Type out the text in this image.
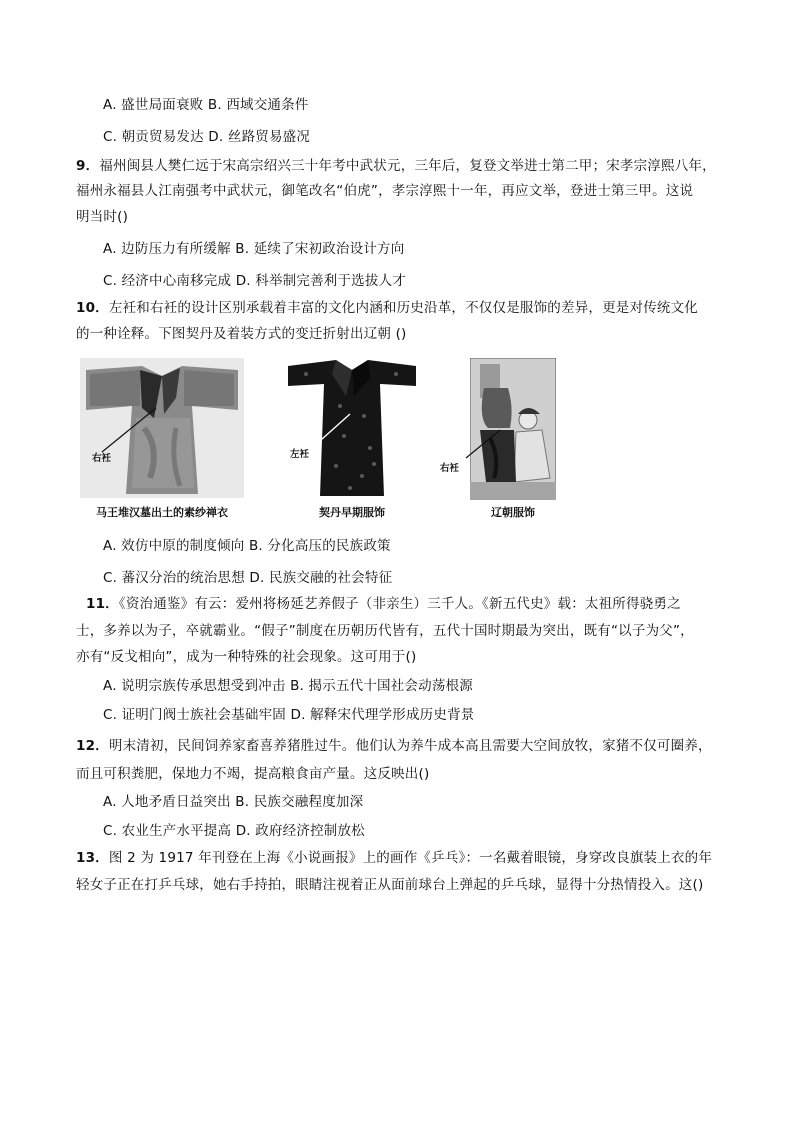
A. 盛世局面衰败 B. 西域交通条件
C. 朝贡贸易发达 D. 丝路贸易盛况
9．福州闽县人樊仁远于宋高宗绍兴三十年考中武状元，三年后，复登文举进士第二甲；宋孝宗淳熙八年，
福州永福县人江南强考中武状元，御笔改名“伯虎”，孝宗淳熙十一年，再应文举，登进士第三甲。这说
明当时()
A. 边防压力有所缓解 B. 延续了宋初政治设计方向
C. 经济中心南移完成 D. 科举制完善利于选拔人才
10．左衽和右衽的设计区别承载着丰富的文化内涵和历史沿革，不仅仅是服饰的差异，更是对传统文化
的一种诠释。下图契丹及着装方式的变迁折射出辽朝 ()
右衽
马王堆汉墓出土的素纱禅衣
左衽
契丹早期服饰
右衽
辽朝服饰
A. 效仿中原的制度倾向 B. 分化高压的民族政策
C. 蕃汉分治的统治思想 D. 民族交融的社会特征
11．《资治通鉴》有云：爱州将杨延艺养假子（非亲生）三千人。《新五代史》载：太祖所得骁勇之
士，多养以为子，卒就霸业。“假子”制度在历朝历代皆有，五代十国时期最为突出，既有“以子为父”，
亦有“反戈相向”，成为一种特殊的社会现象。这可用于()
A. 说明宗族传承思想受到冲击 B. 揭示五代十国社会动荡根源
C. 证明门阀士族社会基础牢固 D. 解释宋代理学形成历史背景
12．明末清初，民间饲养家畜喜养猪胜过牛。他们认为养牛成本高且需要大空间放牧，家猪不仅可圈养，
而且可积粪肥，保地力不竭，提高粮食亩产量。这反映出()
A. 人地矛盾日益突出 B. 民族交融程度加深
C. 农业生产水平提高 D. 政府经济控制放松
13．图 2 为 1917 年刊登在上海《小说画报》上的画作《乒乓》：一名戴着眼镜，身穿改良旗装上衣的年
轻女子正在打乒乓球，她右手持拍，眼睛注视着正从面前球台上弹起的乒乓球，显得十分热情投入。这()
